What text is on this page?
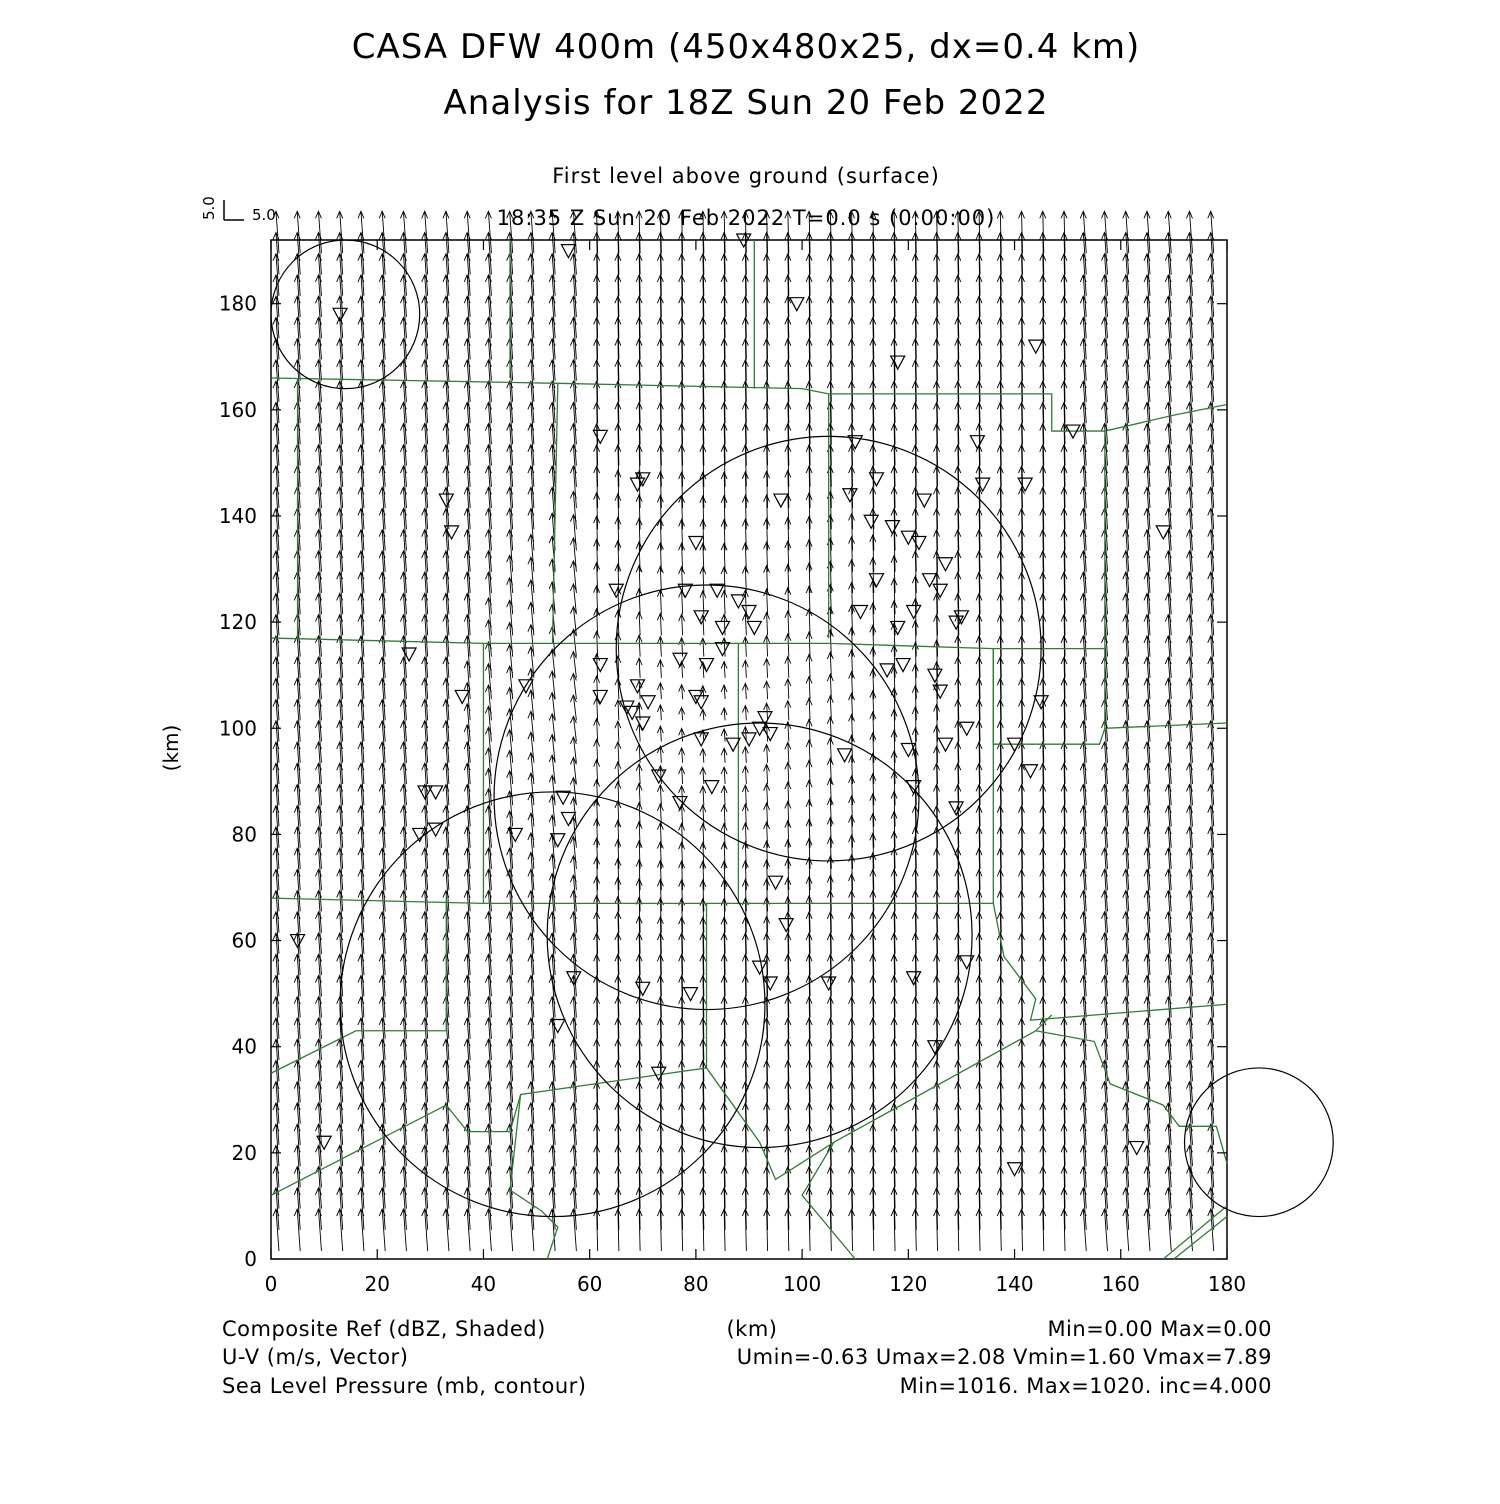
CASA DFW 400m (450x480x25, dx=0.4 km)
Analysis for 18Z Sun 20 Feb 2022
First level above ground (surface)
18:35 Z Sun 20 Feb 2022 T=0.0 s (0:00:00)
5.0
5.0
0	20	40	60	80	100	120	140	160	180
0
20
40
60
80
100
120
140
160
180
(km)
(km)
Composite Ref (dBZ, Shaded)	Min=0.00 Max=0.00
U-V (m/s, Vector)	Umin=-0.63 Umax=2.08 Vmin=1.60 Vmax=7.89
Sea Level Pressure (mb, contour)	Min=1016. Max=1020. inc=4.000
